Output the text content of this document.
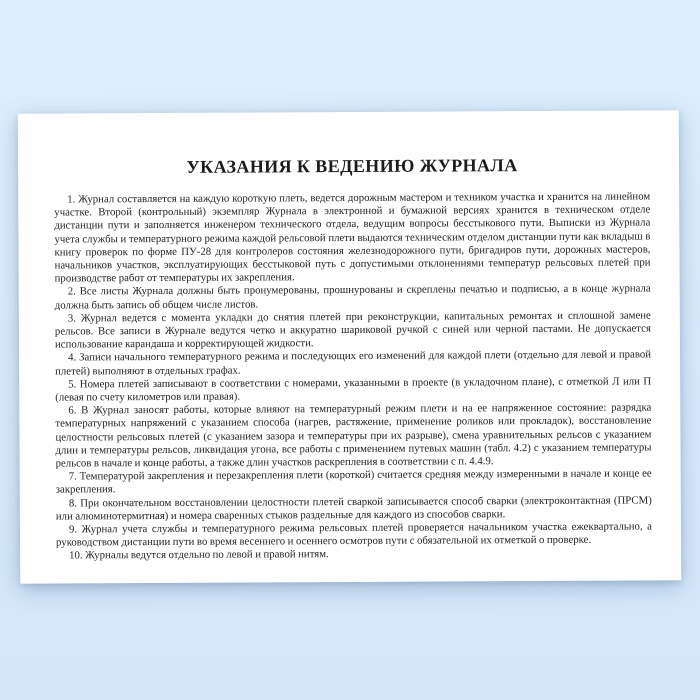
УКАЗАНИЯ К ВЕДЕНИЮ ЖУРНАЛА

1. Журнал составляется на каждую короткую плеть, ведется дорожным мастером и техником участка и хранится на линейном участке. Второй (контрольный) экземпляр Журнала в электронной и бумажной версиях хранится в техническом отделе дистанции пути и заполняется инженером технического отдела, ведущим вопросы бесстыкового пути. Выписки из Журнала учета службы и температурного режима каждой рельсовой плети выдаются техническим отделом дистанции пути как вкладыш в книгу проверок по форме ПУ-28 для контролеров состояния железнодорожного пути, бригадиров пути, дорожных мастеров, начальников участков, эксплуатирующих бесстыковой путь с допустимыми отклонениями температур рельсовых плетей при производстве работ от температуры их закрепления.

2. Все листы Журнала должны быть пронумерованы, прошнурованы и скреплены печатью и подписью, а в конце журнала должна быть запись об общем числе листов.

3. Журнал ведется с момента укладки до снятия плетей при реконструкции, капитальных ремонтах и сплошной замене рельсов. Все записи в Журнале ведутся четко и аккуратно шариковой ручкой с синей или черной пастами. Не допускается использование карандаша и корректирующей жидкости.

4. Записи начального температурного режима и последующих его изменений для каждой плети (отдельно для левой и правой плетей) выполняют в отдельных графах.

5. Номера плетей записывают в соответствии с номерами, указанными в проекте (в укладочном плане), с отметкой Л или П (левая по счету километров или правая).

6. В Журнал заносят работы, которые влияют на температурный режим плети и на ее напряженное состояние: разрядка температурных напряжений с указанием способа (нагрев, растяжение, применение роликов или прокладок), восстановление целостности рельсовых плетей (с указанием зазора и температуры при их разрыве), смена уравнительных рельсов с указанием длин и температуры рельсов, ликвидация угона, все работы с применением путевых машин (табл. 4.2) с указанием температуры рельсов в начале и конце работы, а также длин участков раскрепления в соответствии с п. 4.4.9.

7. Температурой закрепления и перезакрепления плети (короткой) считается средняя между измеренными в начале и конце ее закрепления.

8. При окончательном восстановлении целостности плетей сваркой записывается способ сварки (электроконтактная (ПРСМ) или алюминотермитная) и номера сваренных стыков раздельные для каждого из способов сварки.

9. Журнал учета службы и температурного режима рельсовых плетей проверяется начальником участка ежеквартально, а руководством дистанции пути во время весеннего и осеннего осмотров пути с обязательной их отметкой о проверке.

10. Журналы ведутся отдельно по левой и правой нитям.
